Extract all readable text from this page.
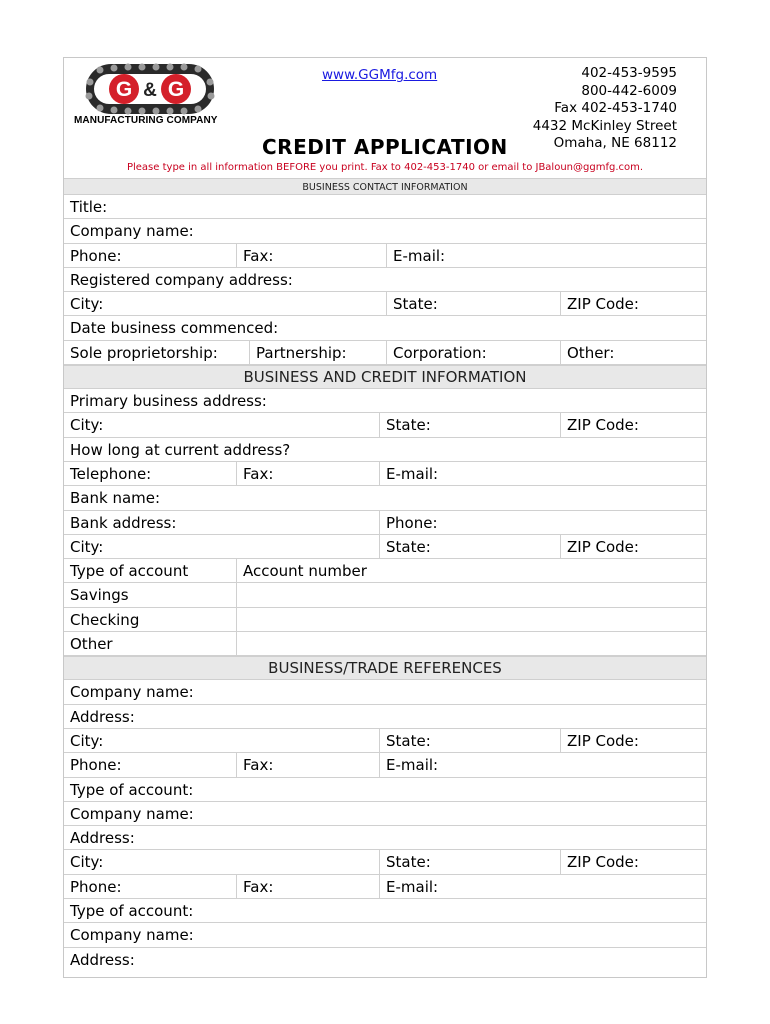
G G
&
MANUFACTURING COMPANY
www.GGMfg.com
CREDIT APPLICATION
402-453-9595
800-442-6009
Fax 402-453-1740
4432 McKinley Street
Omaha, NE 68112
Please type in all information BEFORE you print. Fax to 402-453-1740 or email to JBaloun@ggmfg.com.
BUSINESS CONTACT INFORMATION
Title:
Company name:
Phone:	Fax:	E-mail:
Registered company address:
City:	State:	ZIP Code:
Date business commenced:
Sole proprietorship:	Partnership:	Corporation:	Other:
BUSINESS AND CREDIT INFORMATION
Primary business address:
City:	State:	ZIP Code:
How long at current address?
Telephone:	Fax:	E-mail:
Bank name:
Bank address:	Phone:
City:	State:	ZIP Code:
Type of account	Account number
Savings
Checking
Other
BUSINESS/TRADE REFERENCES
Company name:
Address:
City:	State:	ZIP Code:
Phone:	Fax:	E-mail:
Type of account:
Company name:
Address:
City:	State:	ZIP Code:
Phone:	Fax:	E-mail:
Type of account:
Company name:
Address:
